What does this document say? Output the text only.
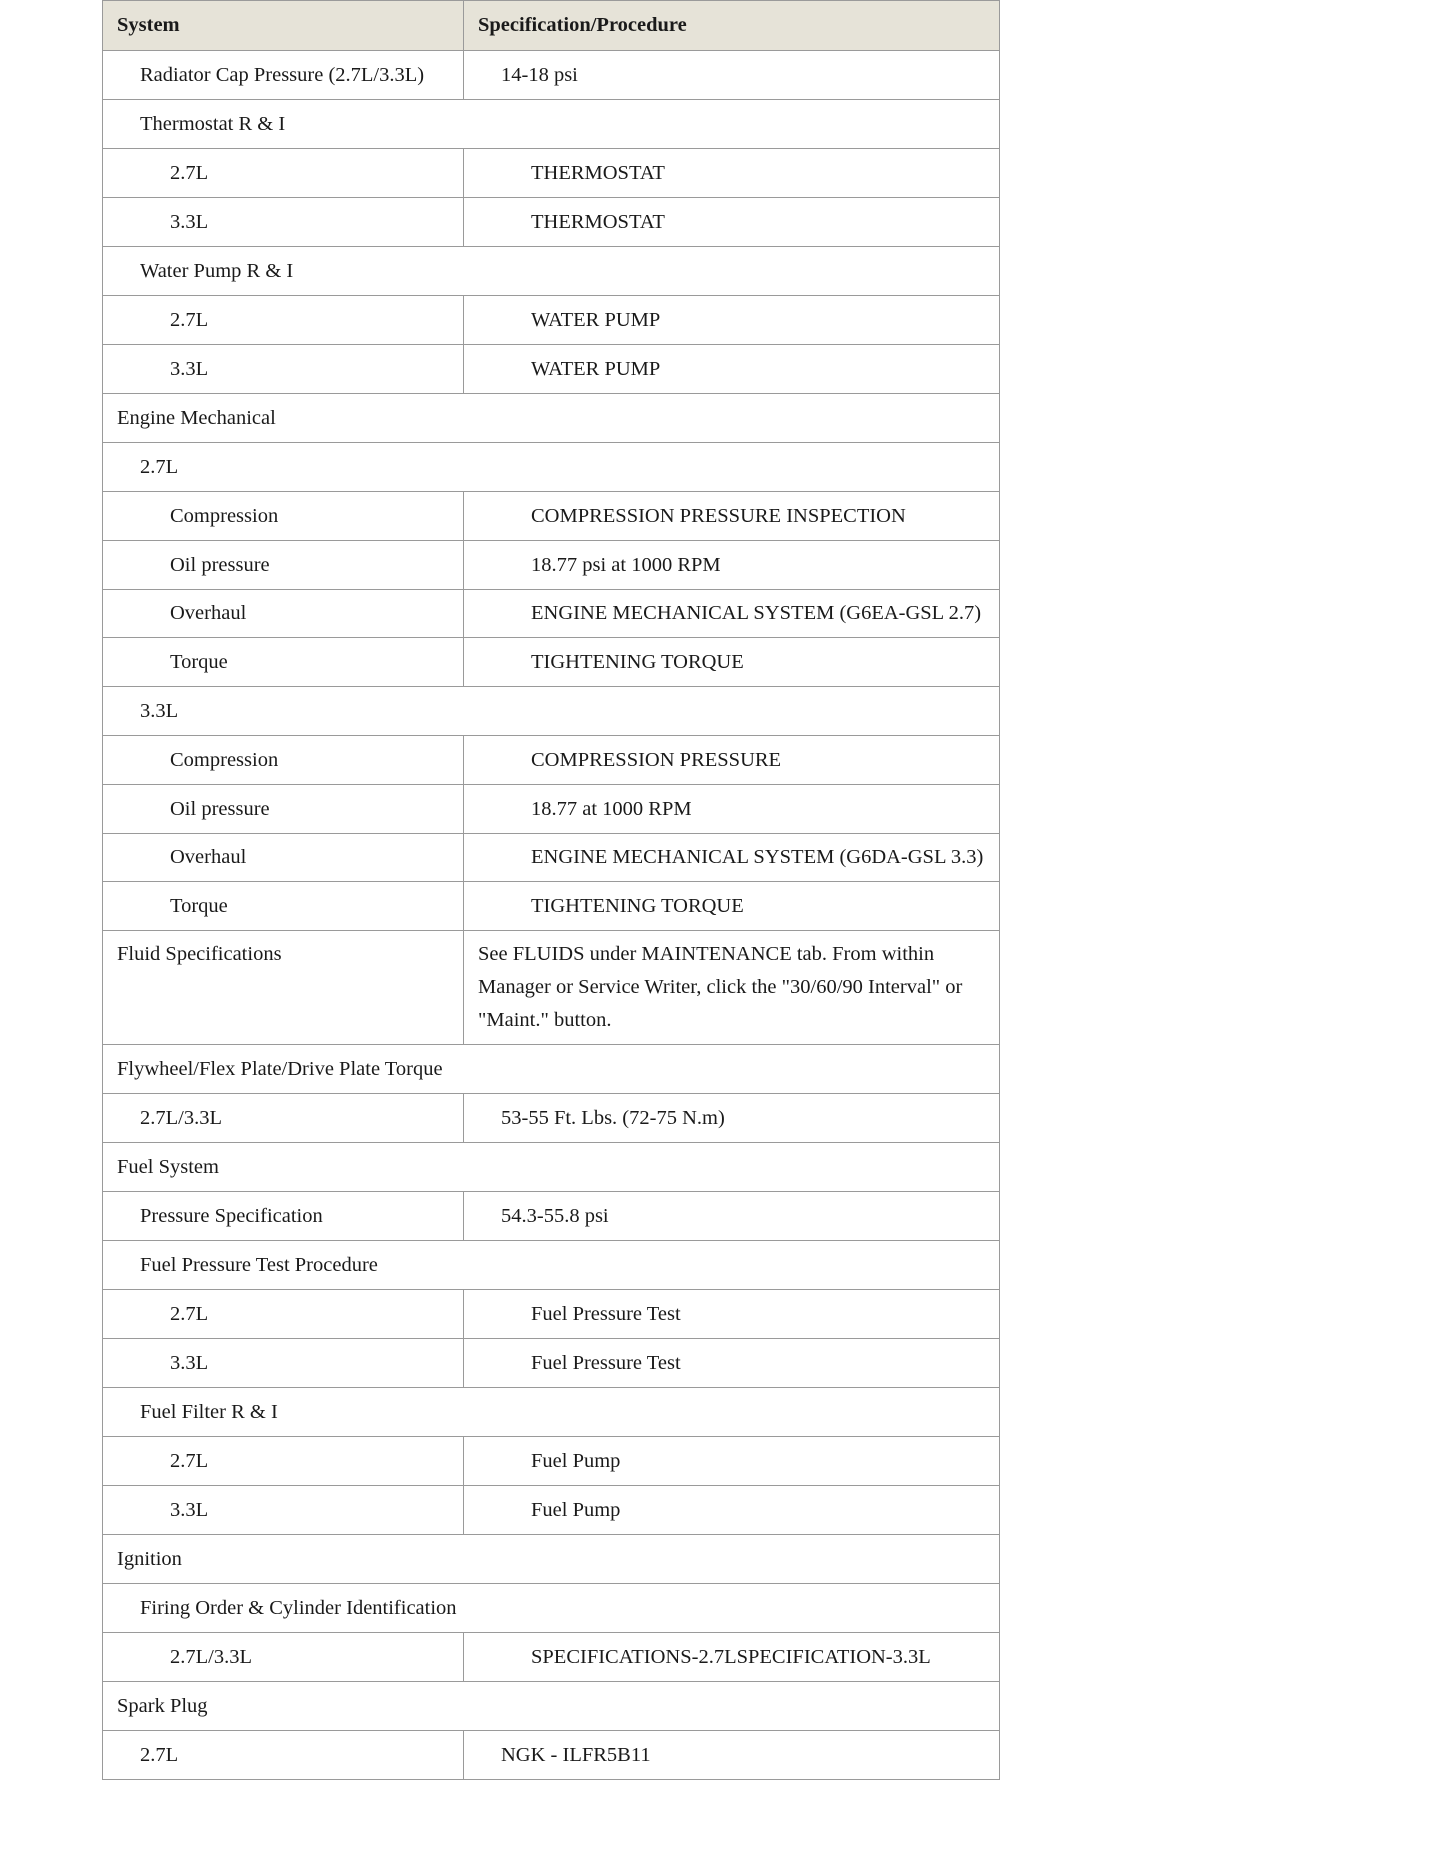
System	Specification/Procedure
Radiator Cap Pressure (2.7L/3.3L)	14-18 psi
Thermostat R & I	
2.7L	THERMOSTAT
3.3L	THERMOSTAT
Water Pump R & I	
2.7L	WATER PUMP
3.3L	WATER PUMP
Engine Mechanical	
2.7L	
Compression	COMPRESSION PRESSURE INSPECTION
Oil pressure	18.77 psi at 1000 RPM
Overhaul	ENGINE MECHANICAL SYSTEM (G6EA-GSL 2.7)
Torque	TIGHTENING TORQUE
3.3L	
Compression	COMPRESSION PRESSURE
Oil pressure	18.77 at 1000 RPM
Overhaul	ENGINE MECHANICAL SYSTEM (G6DA-GSL 3.3)
Torque	TIGHTENING TORQUE
Fluid Specifications	See FLUIDS under MAINTENANCE tab. From within Manager or Service Writer, click the "30/60/90 Interval" or "Maint." button.
Flywheel/Flex Plate/Drive Plate Torque	
2.7L/3.3L	53-55 Ft. Lbs. (72-75 N.m)
Fuel System	
Pressure Specification	54.3-55.8 psi
Fuel Pressure Test Procedure	
2.7L	Fuel Pressure Test
3.3L	Fuel Pressure Test
Fuel Filter R & I	
2.7L	Fuel Pump
3.3L	Fuel Pump
Ignition	
Firing Order & Cylinder Identification	
2.7L/3.3L	SPECIFICATIONS-2.7LSPECIFICATION-3.3L
Spark Plug	
2.7L	NGK - ILFR5B11
